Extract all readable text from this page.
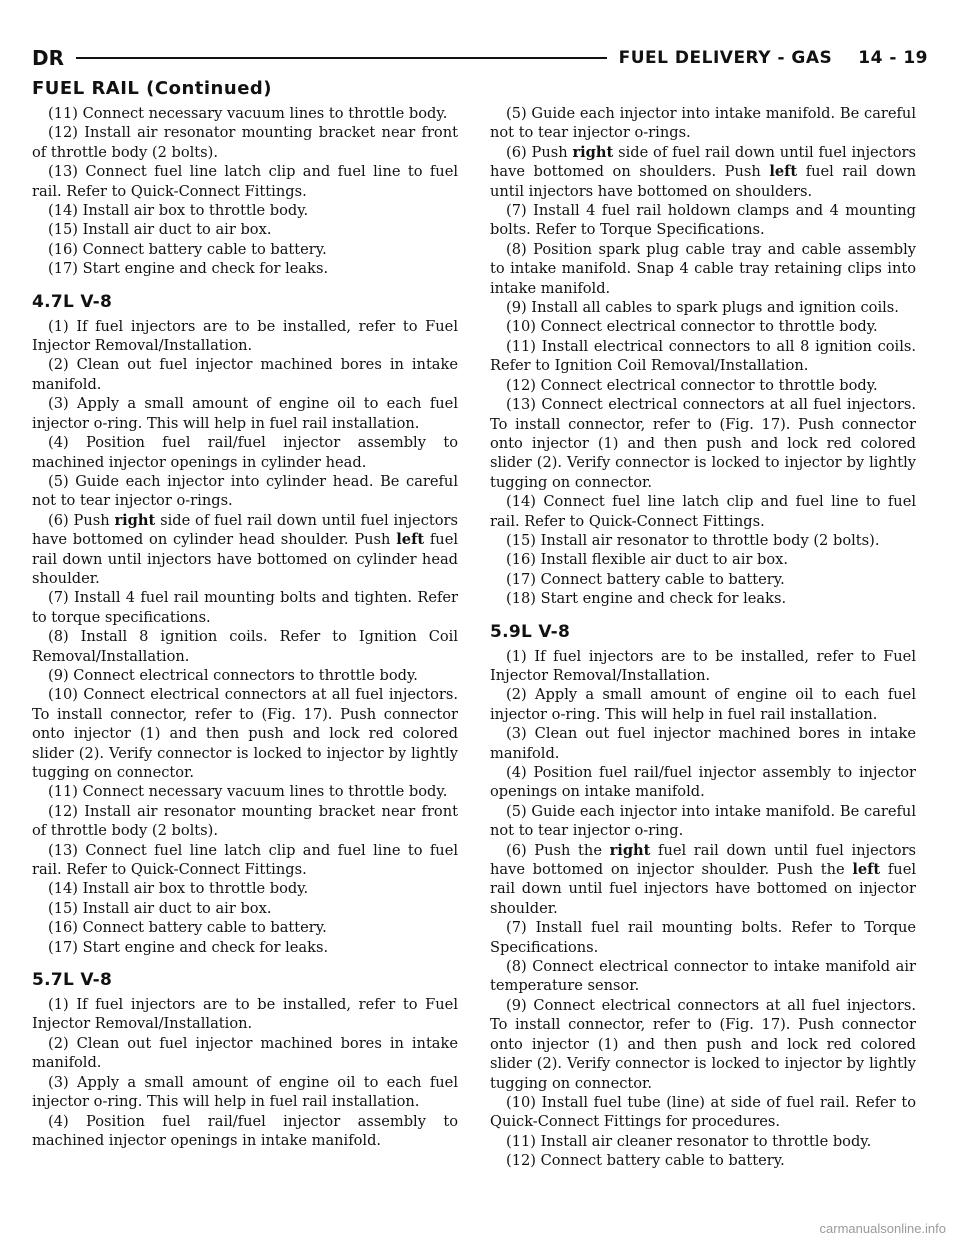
DR	FUEL DELIVERY - GAS 14 - 19
FUEL RAIL (Continued)

(11) Connect necessary vacuum lines to throttle body.

(12) Install air resonator mounting bracket near front of throttle body (2 bolts).

(13) Connect fuel line latch clip and fuel line to fuel rail. Refer to Quick-Connect Fittings.

(14) Install air box to throttle body.

(15) Install air duct to air box.

(16) Connect battery cable to battery.

(17) Start engine and check for leaks.

4.7L V-8

(1) If fuel injectors are to be installed, refer to Fuel Injector Removal/Installation.

(2) Clean out fuel injector machined bores in intake manifold.

(3) Apply a small amount of engine oil to each fuel injector o-ring. This will help in fuel rail installation.

(4) Position fuel rail/fuel injector assembly to machined injector openings in cylinder head.

(5) Guide each injector into cylinder head. Be careful not to tear injector o-rings.

(6) Push right side of fuel rail down until fuel injectors have bottomed on cylinder head shoulder. Push left fuel rail down until injectors have bottomed on cylinder head shoulder.

(7) Install 4 fuel rail mounting bolts and tighten. Refer to torque specifications.

(8) Install 8 ignition coils. Refer to Ignition Coil Removal/Installation.

(9) Connect electrical connectors to throttle body.

(10) Connect electrical connectors at all fuel injectors. To install connector, refer to (Fig. 17). Push connector onto injector (1) and then push and lock red colored slider (2). Verify connector is locked to injector by lightly tugging on connector.

(11) Connect necessary vacuum lines to throttle body.

(12) Install air resonator mounting bracket near front of throttle body (2 bolts).

(13) Connect fuel line latch clip and fuel line to fuel rail. Refer to Quick-Connect Fittings.

(14) Install air box to throttle body.

(15) Install air duct to air box.

(16) Connect battery cable to battery.

(17) Start engine and check for leaks.

5.7L V-8

(1) If fuel injectors are to be installed, refer to Fuel Injector Removal/Installation.

(2) Clean out fuel injector machined bores in intake manifold.

(3) Apply a small amount of engine oil to each fuel injector o-ring. This will help in fuel rail installation.

(4) Position fuel rail/fuel injector assembly to machined injector openings in intake manifold.

(5) Guide each injector into intake manifold. Be careful not to tear injector o-rings.

(6) Push right side of fuel rail down until fuel injectors have bottomed on shoulders. Push left fuel rail down until injectors have bottomed on shoulders.

(7) Install 4 fuel rail holdown clamps and 4 mounting bolts. Refer to Torque Specifications.

(8) Position spark plug cable tray and cable assembly to intake manifold. Snap 4 cable tray retaining clips into intake manifold.

(9) Install all cables to spark plugs and ignition coils.

(10) Connect electrical connector to throttle body.

(11) Install electrical connectors to all 8 ignition coils. Refer to Ignition Coil Removal/Installation.

(12) Connect electrical connector to throttle body.

(13) Connect electrical connectors at all fuel injectors. To install connector, refer to (Fig. 17). Push connector onto injector (1) and then push and lock red colored slider (2). Verify connector is locked to injector by lightly tugging on connector.

(14) Connect fuel line latch clip and fuel line to fuel rail. Refer to Quick-Connect Fittings.

(15) Install air resonator to throttle body (2 bolts).

(16) Install flexible air duct to air box.

(17) Connect battery cable to battery.

(18) Start engine and check for leaks.

5.9L V-8

(1) If fuel injectors are to be installed, refer to Fuel Injector Removal/Installation.

(2) Apply a small amount of engine oil to each fuel injector o-ring. This will help in fuel rail installation.

(3) Clean out fuel injector machined bores in intake manifold.

(4) Position fuel rail/fuel injector assembly to injector openings on intake manifold.

(5) Guide each injector into intake manifold. Be careful not to tear injector o-ring.

(6) Push the right fuel rail down until fuel injectors have bottomed on injector shoulder. Push the left fuel rail down until fuel injectors have bottomed on injector shoulder.

(7) Install fuel rail mounting bolts. Refer to Torque Specifications.

(8) Connect electrical connector to intake manifold air temperature sensor.

(9) Connect electrical connectors at all fuel injectors. To install connector, refer to (Fig. 17). Push connector onto injector (1) and then push and lock red colored slider (2). Verify connector is locked to injector by lightly tugging on connector.

(10) Install fuel tube (line) at side of fuel rail. Refer to Quick-Connect Fittings for procedures.

(11) Install air cleaner resonator to throttle body.

(12) Connect battery cable to battery.

carmanualsonline.info
